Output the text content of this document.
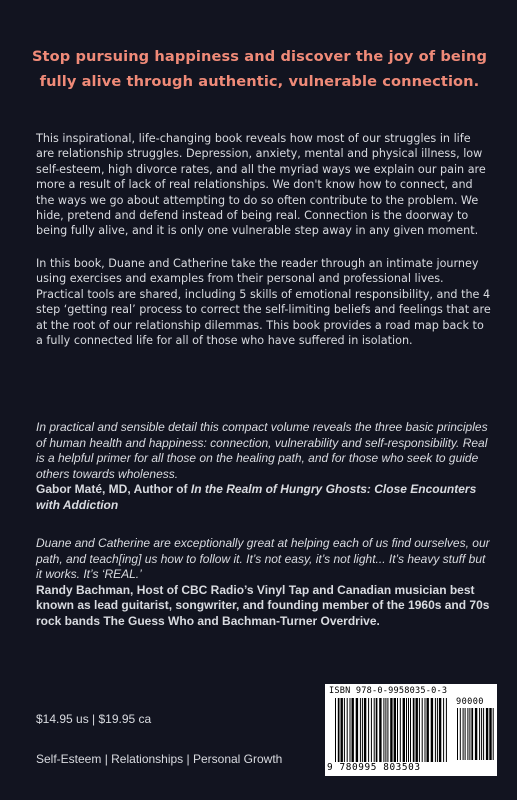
Stop pursuing happiness and discover the joy of being fully alive through authentic, vulnerable connection.
This inspirational, life-changing book reveals how most of our struggles in life are relationship struggles. Depression, anxiety, mental and physical illness, low self-esteem, high divorce rates, and all the myriad ways we explain our pain are more a result of lack of real relationships. We don't know how to connect, and the ways we go about attempting to do so often contribute to the problem. We hide, pretend and defend instead of being real. Connection is the doorway to being fully alive, and it is only one vulnerable step away in any given moment.
In this book, Duane and Catherine take the reader through an intimate journey using exercises and examples from their personal and professional lives. Practical tools are shared, including 5 skills of emotional responsibility, and the 4 step ‘getting real’ process to correct the self-limiting beliefs and feelings that are at the root of our relationship dilemmas. This book provides a road map back to a fully connected life for all of those who have suffered in isolation.
In practical and sensible detail this compact volume reveals the three basic principles of human health and happiness: connection, vulnerability and self-responsibility. Real is a helpful primer for all those on the healing path, and for those who seek to guide others towards wholeness.
Gabor Maté, MD, Author of In the Realm of Hungry Ghosts: Close Encounters with Addiction
Duane and Catherine are exceptionally great at helping each of us find ourselves, our path, and teach[ing] us how to follow it. It’s not easy, it’s not light... It’s heavy stuff but it works. It’s ‘REAL.’
Randy Bachman, Host of CBC Radio’s Vinyl Tap and Canadian musician best known as lead guitarist, songwriter, and founding member of the 1960s and 70s rock bands The Guess Who and Bachman-Turner Overdrive.
$14.95 us | $19.95 ca
Self-Esteem | Relationships | Personal Growth
ISBN 978-0-9958035-0-3
90000
9 780995 803503
